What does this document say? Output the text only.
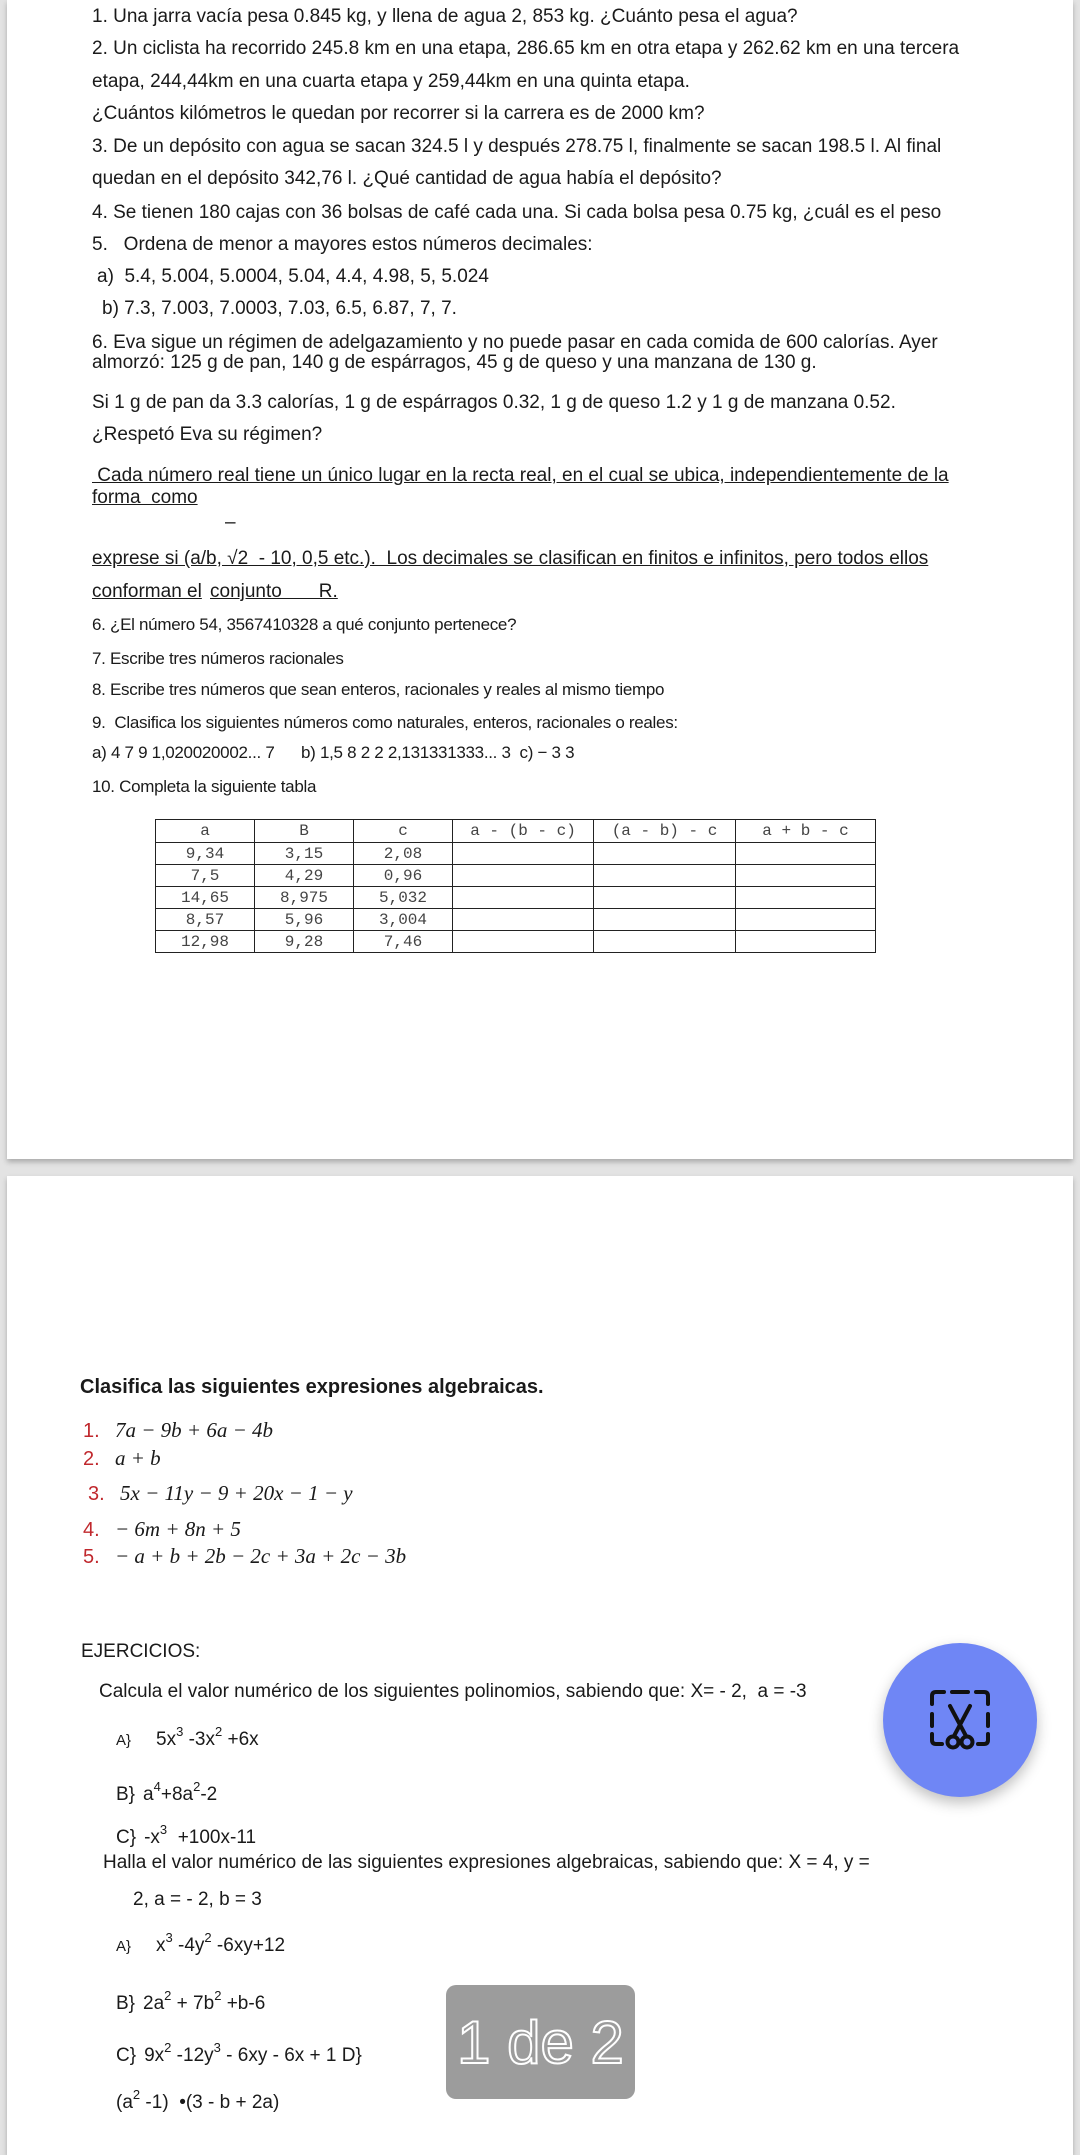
1. Una jarra vacía pesa 0.845 kg, y llena de agua 2, 853 kg. ¿Cuánto pesa el agua?
2. Un ciclista ha recorrido 245.8 km en una etapa, 286.65 km en otra etapa y 262.62 km en una tercera
etapa, 244,44km en una cuarta etapa y 259,44km en una quinta etapa.
¿Cuántos kilómetros le quedan por recorrer si la carrera es de 2000 km?
3. De un depósito con agua se sacan 324.5 l y después 278.75 l, finalmente se sacan 198.5 l. Al final
quedan en el depósito 342,76 l. ¿Qué cantidad de agua había el depósito?
4. Se tienen 180 cajas con 36 bolsas de café cada una. Si cada bolsa pesa 0.75 kg, ¿cuál es el peso
5.   Ordena de menor a mayores estos números decimales:
a)  5.4, 5.004, 5.0004, 5.04, 4.4, 4.98, 5, 5.024
b) 7.3, 7.003, 7.0003, 7.03, 6.5, 6.87, 7, 7.
6. Eva sigue un régimen de adelgazamiento y no puede pasar en cada comida de 600 calorías. Ayer
almorzó: 125 g de pan, 140 g de espárragos, 45 g de queso y una manzana de 130 g.
Si 1 g de pan da 3.3 calorías, 1 g de espárragos 0.32, 1 g de queso 1.2 y 1 g de manzana 0.52.
¿Respetó Eva su régimen?
Cada número real tiene un único lugar en la recta real, en el cual se ubica, independientemente de la
forma  como
–
exprese si (a/b, √2  - 10, 0,5 etc.).  Los decimales se clasifican en finitos e infinitos, pero todos ellos
conforman el conjunto       R.
6. ¿El número 54, 3567410328 a qué conjunto pertenece?
7. Escribe tres números racionales
8. Escribe tres números que sean enteros, racionales y reales al mismo tiempo
9.  Clasifica los siguientes números como naturales, enteros, racionales o reales:
a) 4 7 9 1,020020002... 7      b) 1,5 8 2 2 2,131331333... 3  c) − 3 3
10. Completa la siguiente tabla
a	B	c	a - (b - c)	(a - b) - c	a + b - c
9,34	3,15	2,08			
7,5	4,29	0,96			
14,65	8,975	5,032			
8,57	5,96	3,004			
12,98	9,28	7,46			
Clasifica las siguientes expresiones algebraicas.
1. 7a − 9b + 6a − 4b
2. a + b
3. 5x − 11y − 9 + 20x − 1 − y
4. − 6m + 8n + 5
5. − a + b + 2b − 2c + 3a + 2c − 3b
EJERCICIOS:
Calcula el valor numérico de los siguientes polinomios, sabiendo que: X= - 2,  a = -3
A} $5x^3$ $-3x^2 +6x$
B} $a^4+8a^2-2$
C} $-x^3 +100x-11$
Halla el valor numérico de las siguientes expresiones algebraicas, sabiendo que: X = 4, y =
2, a = - 2, b = 3
A} $x^3$ $-4y^2$ -6xy+12
B} $2a^2 + 7b^2 +b-6$
C} $9x^2$ $-12y^3 - 6xy - 6x + 1$ D}
($a^2$ -1)  •(3 - b + 2a)
1 de 2
